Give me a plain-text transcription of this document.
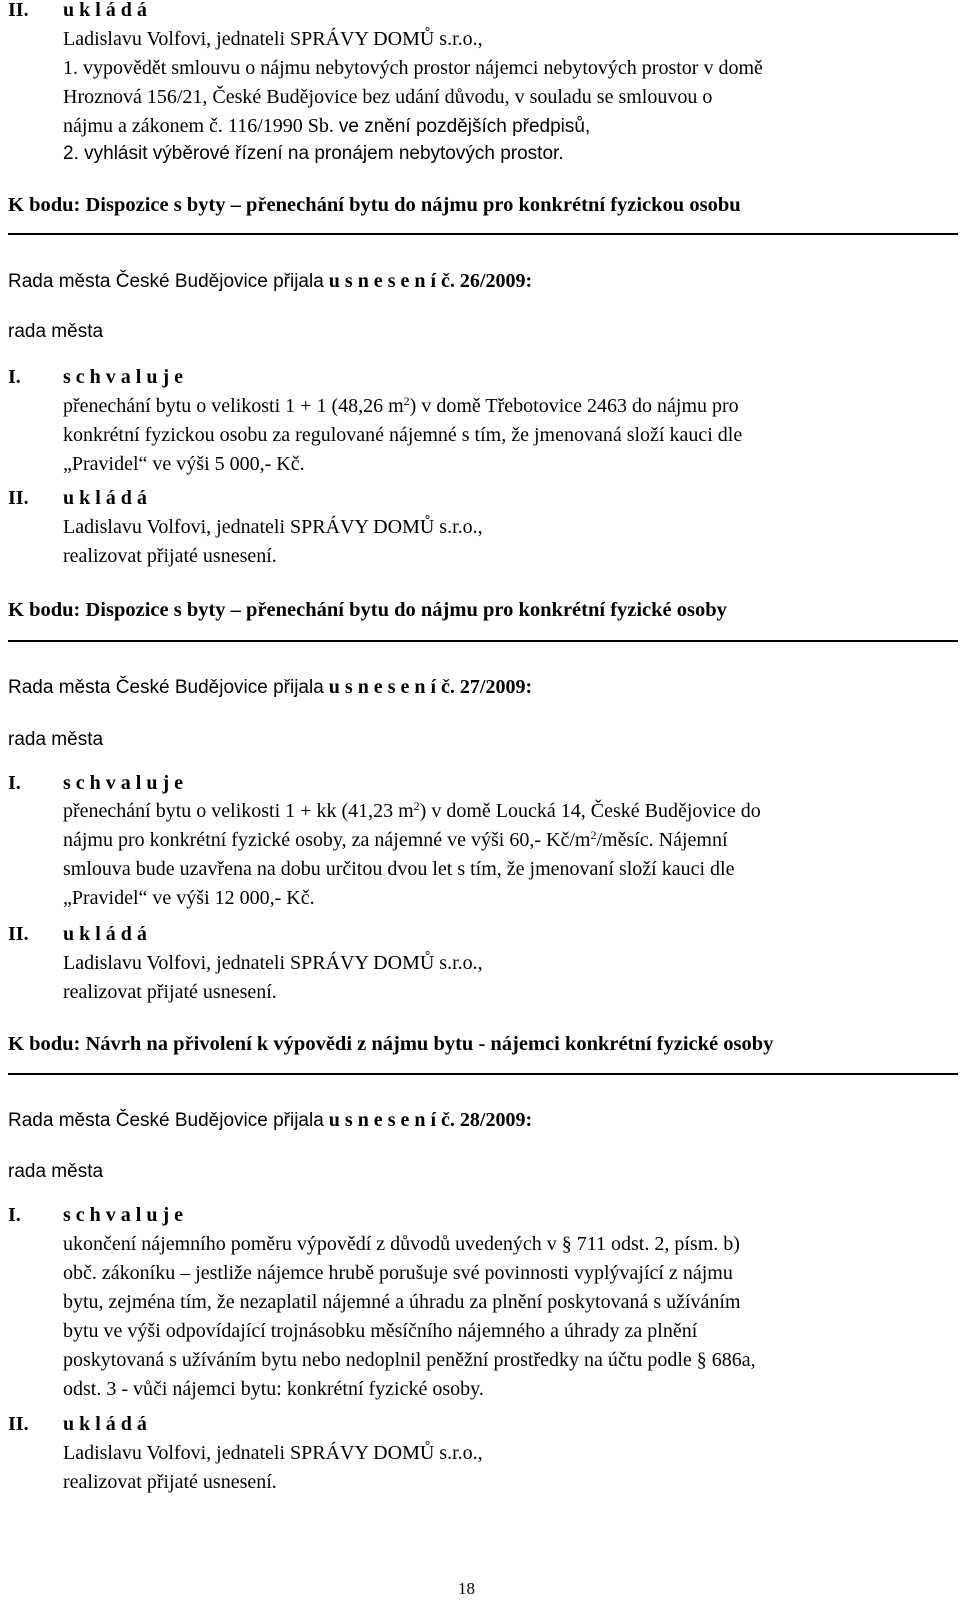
II. u k l á d á
Ladislavu Volfovi, jednateli SPRÁVY DOMŮ s.r.o.,
1. vypovědět smlouvu o nájmu nebytových prostor nájemci nebytových prostor v domě
Hroznová 156/21, České Budějovice bez udání důvodu, v souladu se smlouvou o
nájmu a zákonem č. 116/1990 Sb. ve znění pozdějších předpisů,
2. vyhlásit výběrové řízení na pronájem nebytových prostor.
K bodu: Dispozice s byty – přenechání bytu do nájmu pro konkrétní fyzickou osobu
Rada města České Budějovice přijala u s n e s e n í č. 26/2009:
rada města
I. s c h v a l u j e
přenechání bytu o velikosti 1 + 1 (48,26 $m^2$) v domě Třebotovice 2463 do nájmu pro
konkrétní fyzickou osobu za regulované nájemné s tím, že jmenovaná složí kauci dle
„Pravidel“ ve výši 5 000,- Kč.
II. u k l á d á
Ladislavu Volfovi, jednateli SPRÁVY DOMŮ s.r.o.,
realizovat přijaté usnesení.
K bodu: Dispozice s byty – přenechání bytu do nájmu pro konkrétní fyzické osoby
Rada města České Budějovice přijala u s n e s e n í č. 27/2009:
rada města
I. s c h v a l u j e
přenechání bytu o velikosti 1 + kk (41,23 $m^2$) v domě Loucká 14, České Budějovice do
nájmu pro konkrétní fyzické osoby, za nájemné ve výši 60,- $Kč/m^2$/měsíc. Nájemní
smlouva bude uzavřena na dobu určitou dvou let s tím, že jmenovaní složí kauci dle
„Pravidel“ ve výši 12 000,- Kč.
II. u k l á d á
Ladislavu Volfovi, jednateli SPRÁVY DOMŮ s.r.o.,
realizovat přijaté usnesení.
K bodu: Návrh na přivolení k výpovědi z nájmu bytu - nájemci konkrétní fyzické osoby
Rada města České Budějovice přijala u s n e s e n í č. 28/2009:
rada města
I. s c h v a l u j e
ukončení nájemního poměru výpovědí z důvodů uvedených v § 711 odst. 2, písm. b)
obč. zákoníku – jestliže nájemce hrubě porušuje své povinnosti vyplývající z nájmu
bytu, zejména tím, že nezaplatil nájemné a úhradu za plnění poskytovaná s užíváním
bytu ve výši odpovídající trojnásobku měsíčního nájemného a úhrady za plnění
poskytovaná s užíváním bytu nebo nedoplnil peněžní prostředky na účtu podle § 686a,
odst. 3 - vůči nájemci bytu: konkrétní fyzické osoby.
II. u k l á d á
Ladislavu Volfovi, jednateli SPRÁVY DOMŮ s.r.o.,
realizovat přijaté usnesení.
18
